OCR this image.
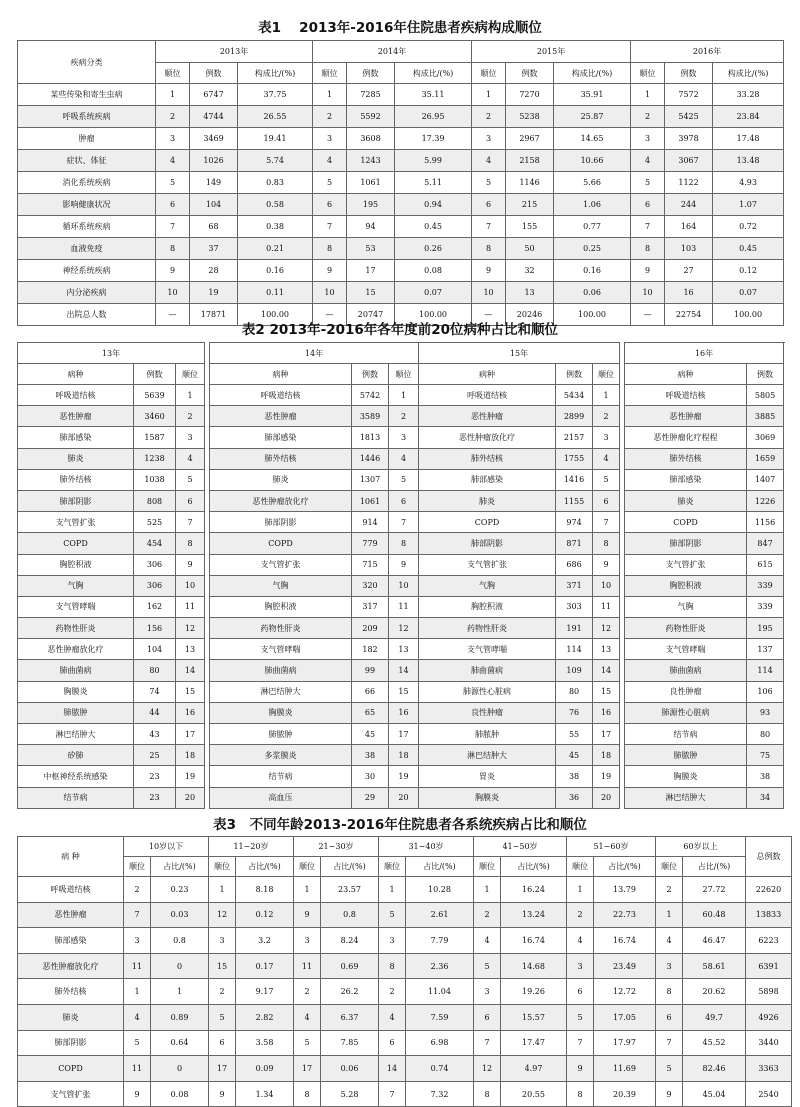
表1　 2013年-2016年住院患者疾病构成顺位
疾病分类	2013年			2014年			2015年			2016年		
	顺位	例数	构成比/(%)	顺位	例数	构成比/(%)	顺位	例数	构成比/(%)	顺位	例数	构成比/(%)
某些传染和寄生虫病	1	6747	37.75	1	7285	35.11	1	7270	35.91	1	7572	33.28
呼吸系统疾病	2	4744	26.55	2	5592	26.95	2	5238	25.87	2	5425	23.84
肿瘤	3	3469	19.41	3	3608	17.39	3	2967	14.65	3	3978	17.48
症状、体征	4	1026	5.74	4	1243	5.99	4	2158	10.66	4	3067	13.48
消化系统疾病	5	149	0.83	5	1061	5.11	5	1146	5.66	5	1122	4.93
影响健康状况	6	104	0.58	6	195	0.94	6	215	1.06	6	244	1.07
循环系统疾病	7	68	0.38	7	94	0.45	7	155	0.77	7	164	0.72
血液免疫	8	37	0.21	8	53	0.26	8	50	0.25	8	103	0.45
神经系统疾病	9	28	0.16	9	17	0.08	9	32	0.16	9	27	0.12
内分泌疾病	10	19	0.11	10	15	0.07	10	13	0.06	10	16	0.07
出院总人数	—	17871	100.00	—	20747	100.00	—	20246	100.00	—	22754	100.00
表2 2013年-2016年各年度前20位病种占比和顺位
13年				14年			15年				16年		
病种	例数	顺位		病种	例数	顺位	病种	例数	顺位		病种	例数	
呼吸道结核	5639	1		呼吸道结核	5742	1	呼吸道结核	5434	1		呼吸道结核	5805	
恶性肿瘤	3460	2		恶性肿瘤	3589	2	恶性肿瘤	2899	2		恶性肿瘤	3885	
肺部感染	1587	3		肺部感染	1813	3	恶性肿瘤放化疗	2157	3		恶性肿瘤化疗程程	3069	
肺炎	1238	4		肺外结核	1446	4	肺外结核	1755	4		肺外结核	1659	
肺外结核	1038	5		肺炎	1307	5	肺部感染	1416	5		肺部感染	1407	
肺部阴影	808	6		恶性肿瘤放化疗	1061	6	肺炎	1155	6		肺炎	1226	
支气管扩张	525	7		肺部阴影	914	7	COPD	974	7		COPD	1156	
COPD	454	8		COPD	779	8	肺部阴影	871	8		肺部阴影	847	
胸腔积液	306	9		支气管扩张	715	9	支气管扩张	686	9		支气管扩张	615	
气胸	306	10		气胸	320	10	气胸	371	10		胸腔积液	339	
支气管哮喘	162	11		胸腔积液	317	11	胸腔积液	303	11		气胸	339	
药物性肝炎	156	12		药物性肝炎	209	12	药物性肝炎	191	12		药物性肝炎	195	
恶性肿瘤放化疗	104	13		支气管哮喘	182	13	支气管哮喘	114	13		支气管哮喘	137	
肺曲菌病	80	14		肺曲菌病	99	14	肺曲菌病	109	14		肺曲菌病	114	
胸膜炎	74	15		淋巴结肿大	66	15	肺源性心脏病	80	15		良性肿瘤	106	
肺脓肿	44	16		胸膜炎	65	16	良性肿瘤	76	16		肺源性心脏病	93	
淋巴结肿大	43	17		肺脓肿	45	17	肺脓肿	55	17		结节病	80	
矽肺	25	18		多浆膜炎	38	18	淋巴结肿大	45	18		肺脓肿	75	
中枢神经系统感染	23	19		结节病	30	19	胃炎	38	19		胸膜炎	38	
结节病	23	20		高血压	29	20	胸膜炎	36	20		淋巴结肿大	34	
表3　不同年龄2013-2016年住院患者各系统疾病占比和顺位
病 种	10岁以下		11~20岁		21~30岁		31~40岁		41~50岁		51~60岁		60岁以上		总例数
	顺位	占比/(%)	顺位	占比/(%)	顺位	占比/(%)	顺位	占比/(%)	顺位	占比/(%)	顺位	占比/(%)	顺位	占比/(%)	
呼吸道结核	2	0.23	1	8.18	1	23.57	1	10.28	1	16.24	1	13.79	2	27.72	22620
恶性肿瘤	7	0.03	12	0.12	9	0.8	5	2.61	2	13.24	2	22.73	1	60.48	13833
肺部感染	3	0.8	3	3.2	3	8.24	3	7.79	4	16.74	4	16.74	4	46.47	6223
恶性肿瘤放化疗	11	0	15	0.17	11	0.69	8	2.36	5	14.68	3	23.49	3	58.61	6391
肺外结核	1	1	2	9.17	2	26.2	2	11.04	3	19.26	6	12.72	8	20.62	5898
肺炎	4	0.89	5	2.82	4	6.37	4	7.59	6	15.57	5	17.05	6	49.7	4926
肺部阴影	5	0.64	6	3.58	5	7.85	6	6.98	7	17.47	7	17.97	7	45.52	3440
COPD	11	0	17	0.09	17	0.06	14	0.74	12	4.97	9	11.69	5	82.46	3363
支气管扩张	9	0.08	9	1.34	8	5.28	7	7.32	8	20.55	8	20.39	9	45.04	2540
